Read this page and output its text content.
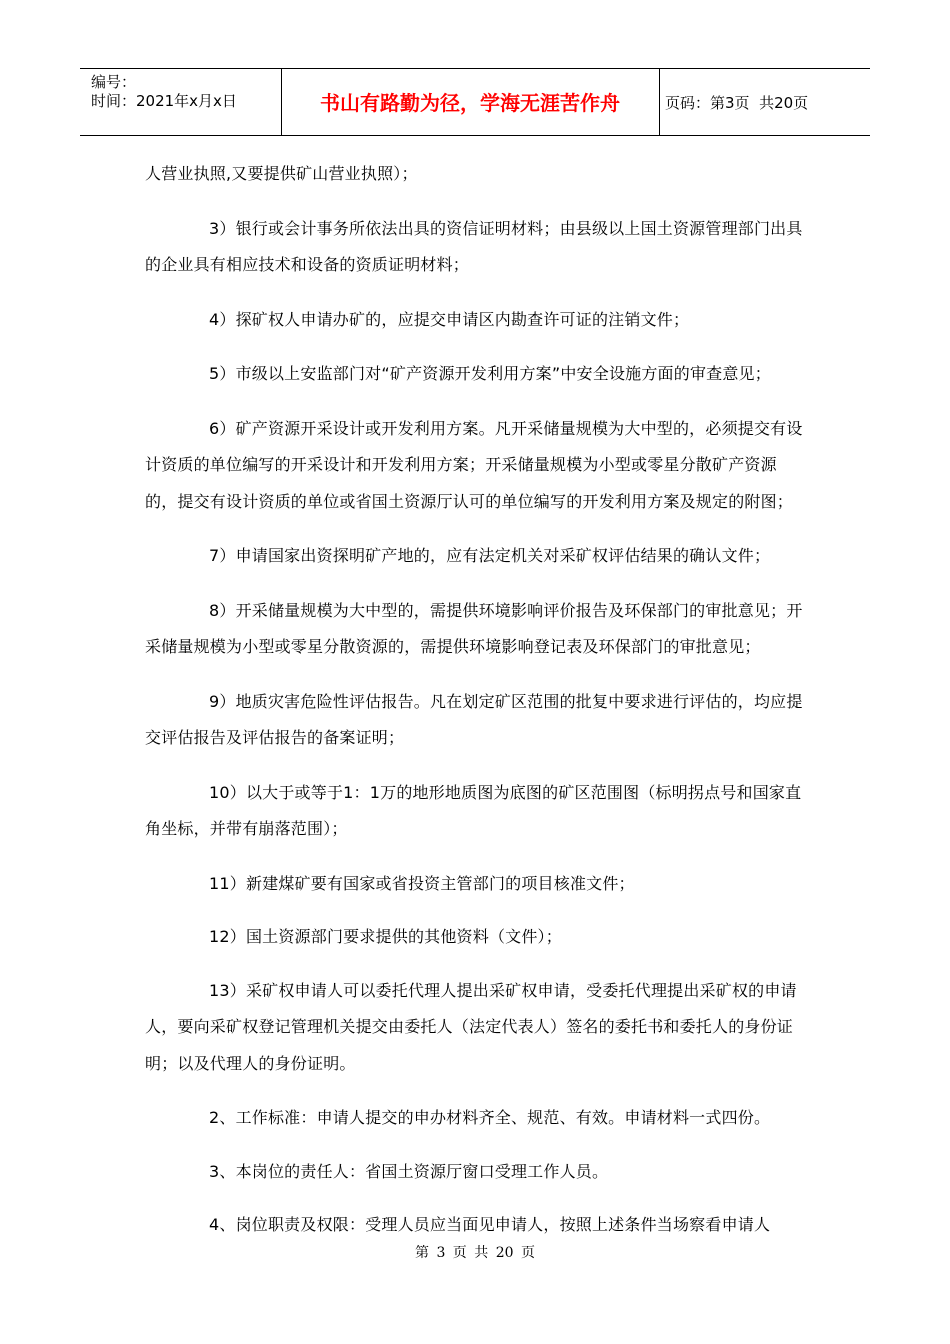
编号：
时间：2021年x月x日	书山有路勤为径，学海无涯苦作舟	页码：第3页  共20页

人营业执照,又要提供矿山营业执照）；

3）银行或会计事务所依法出具的资信证明材料；由县级以上国土资源管理部门出具的企业具有相应技术和设备的资质证明材料；

4）探矿权人申请办矿的，应提交申请区内勘查许可证的注销文件；

5）市级以上安监部门对“矿产资源开发利用方案”中安全设施方面的审查意见；

6）矿产资源开采设计或开发利用方案。凡开采储量规模为大中型的，必须提交有设计资质的单位编写的开采设计和开发利用方案；开采储量规模为小型或零星分散矿产资源的，提交有设计资质的单位或省国土资源厅认可的单位编写的开发利用方案及规定的附图；

7）申请国家出资探明矿产地的，应有法定机关对采矿权评估结果的确认文件；

8）开采储量规模为大中型的，需提供环境影响评价报告及环保部门的审批意见；开采储量规模为小型或零星分散资源的，需提供环境影响登记表及环保部门的审批意见；

9）地质灾害危险性评估报告。凡在划定矿区范围的批复中要求进行评估的，均应提交评估报告及评估报告的备案证明；

10）以大于或等于1：1万的地形地质图为底图的矿区范围图（标明拐点号和国家直角坐标，并带有崩落范围）；

11）新建煤矿要有国家或省投资主管部门的项目核准文件；

12）国土资源部门要求提供的其他资料（文件）；

13）采矿权申请人可以委托代理人提出采矿权申请，受委托代理提出采矿权的申请人，要向采矿权登记管理机关提交由委托人（法定代表人）签名的委托书和委托人的身份证明；以及代理人的身份证明。

2、工作标准：申请人提交的申办材料齐全、规范、有效。申请材料一式四份。

3、本岗位的责任人：省国土资源厅窗口受理工作人员。

4、岗位职责及权限：受理人员应当面见申请人，按照上述条件当场察看申请人

第 3 页 共 20 页
